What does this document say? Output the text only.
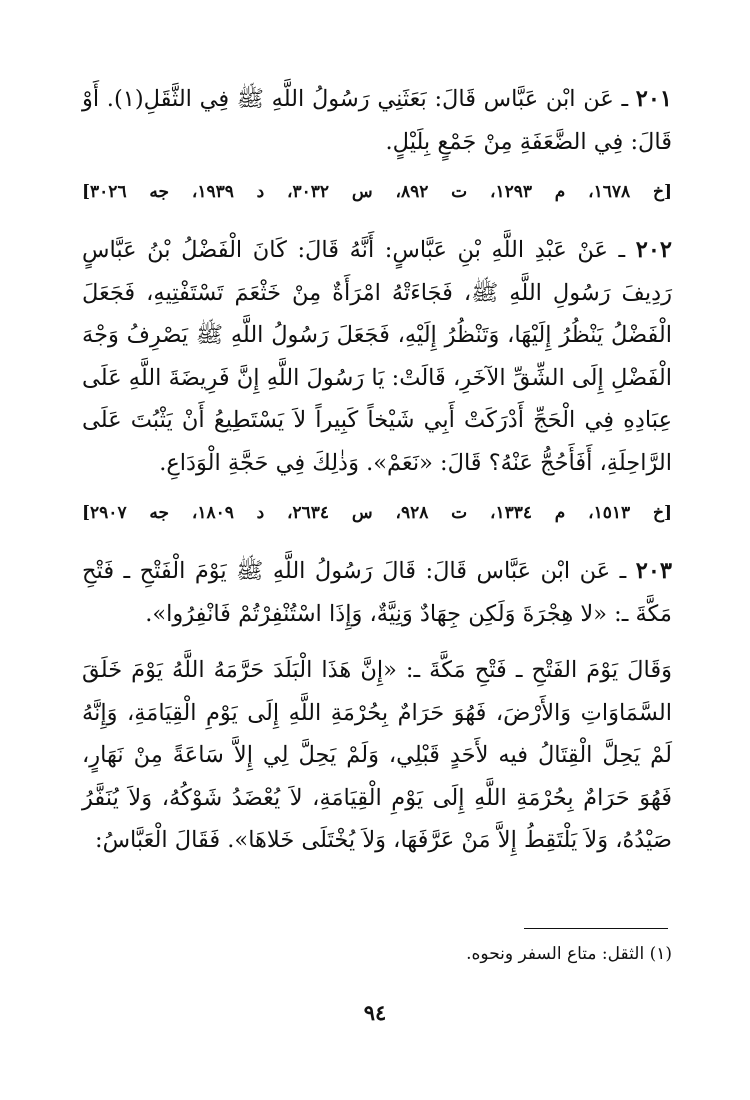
٢٠١ ـ عَن ابْن عَبَّاس قَالَ: بَعَثَنِي رَسُولُ اللَّهِ ﷺ فِي الثَّقَلِ(١). أَوْ قَالَ: فِي الضَّعَفَةِ مِنْ جَمْعٍ بِلَيْلٍ.

[خ ١٦٧٨، م ١٢٩٣، ت ٨٩٢، س ٣٠٣٢، د ١٩٣٩، جه ٣٠٢٦]

٢٠٢ ـ عَنْ عَبْدِ اللَّهِ بْنِ عَبَّاسٍ: أَنَّهُ قَالَ: كَانَ الْفَضْلُ بْنُ عَبَّاسٍ رَدِيفَ رَسُولِ اللَّهِ ﷺ، فَجَاءَتْهُ امْرَأَةٌ مِنْ خَثْعَمَ تَسْتَفْتِيهِ، فَجَعَلَ الْفَضْلُ يَنْظُرُ إِلَيْهَا، وَتَنْظُرُ إِلَيْهِ، فَجَعَلَ رَسُولُ اللَّهِ ﷺ يَصْرِفُ وَجْهَ الْفَضْلِ إِلَى الشِّقِّ الآخَرِ، قَالَتْ: يَا رَسُولَ اللَّهِ إِنَّ فَرِيضَةَ اللَّهِ عَلَى عِبَادِهِ فِي الْحَجِّ أَدْرَكَتْ أَبِي شَيْخاً كَبِيراً لاَ يَسْتَطِيعُ أَنْ يَثْبُتَ عَلَى الرَّاحِلَةِ، أَفَأَحُجُّ عَنْهُ؟ قَالَ: «نَعَمْ». وَذٰلِكَ فِي حَجَّةِ الْوَدَاعِ.

[خ ١٥١٣، م ١٣٣٤، ت ٩٢٨، س ٢٦٣٤، د ١٨٠٩، جه ٢٩٠٧]

٢٠٣ ـ عَن ابْن عَبَّاس قَالَ: قَالَ رَسُولُ اللَّهِ ﷺ يَوْمَ الْفَتْحِ ـ فَتْحِ مَكَّةَ ـ: «لا هِجْرَةَ وَلَكِن جِهَادٌ وَنِيَّةٌ، وَإِذَا اسْتُنْفِرْتُمْ فَانْفِرُوا».

وَقَالَ يَوْمَ الفَتْحِ ـ فَتْحِ مَكَّةَ ـ: «إِنَّ هَذَا الْبَلَدَ حَرَّمَهُ اللَّهُ يَوْمَ خَلَقَ السَّمَاوَاتِ وَالأَرْضَ، فَهُوَ حَرَامٌ بِحُرْمَةِ اللَّهِ إِلَى يَوْمِ الْقِيَامَةِ، وَإِنَّهُ لَمْ يَحِلَّ الْقِتَالُ فيه لأَحَدٍ قَبْلِي، وَلَمْ يَحِلَّ لِي إِلاَّ سَاعَةً مِنْ نَهَارٍ، فَهُوَ حَرَامٌ بِحُرْمَةِ اللَّهِ إِلَى يَوْمِ الْقِيَامَةِ، لاَ يُعْضَدُ شَوْكُهُ، وَلاَ يُنَفَّرُ صَيْدُهُ، وَلاَ يَلْتَقِطُ إِلاَّ مَنْ عَرَّفَهَا، وَلاَ يُخْتَلَى خَلاهَا». فَقَالَ الْعَبَّاسُ:

(١) الثقل: متاع السفر ونحوه.
٩٤
